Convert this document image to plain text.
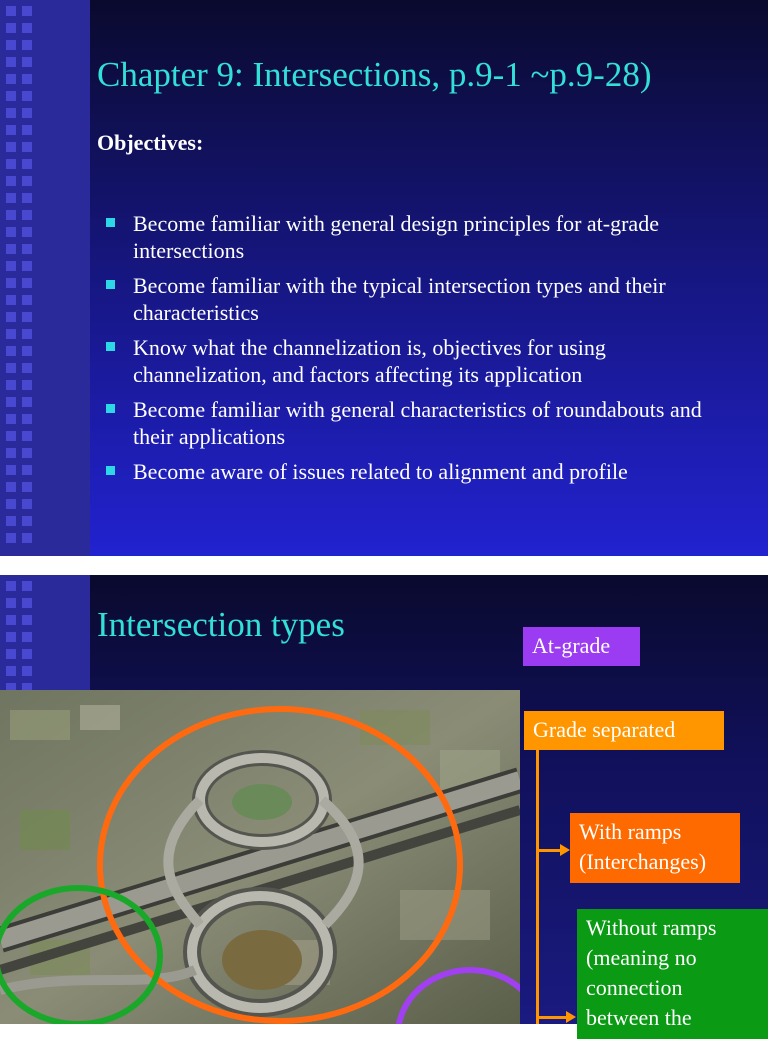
Chapter 9: Intersections, p.9-1 ~p.9-28)
Objectives:
Become familiar with general design principles for at-grade intersections
Become familiar with the typical intersection types and their characteristics
Know what the channelization is, objectives for using channelization, and factors affecting its application
Become familiar with general characteristics of roundabouts and their applications
Become aware of issues related to alignment and profile
Intersection types
At-grade
Grade separated
With ramps (Interchanges)
Without ramps (meaning no connection between the
